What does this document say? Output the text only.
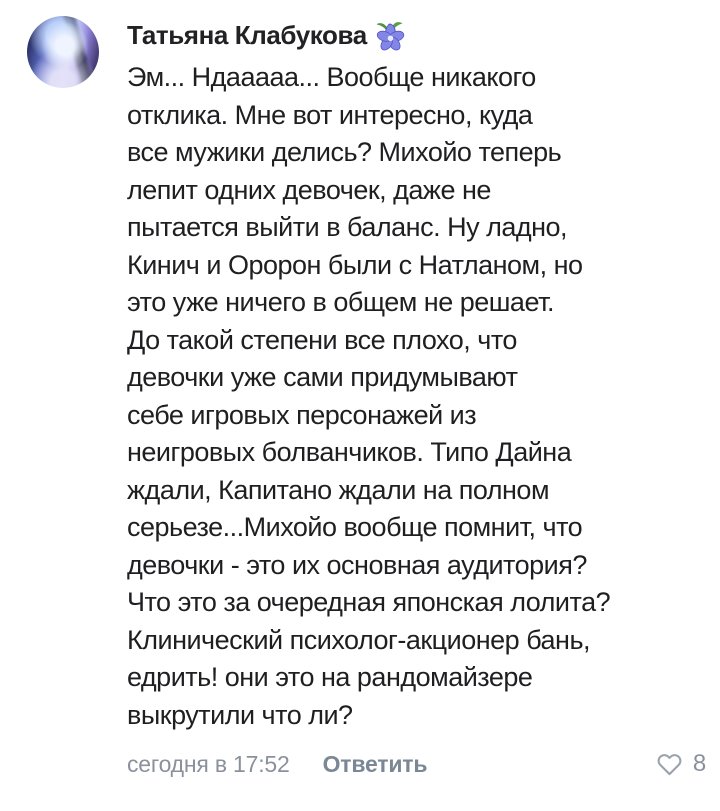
Татьяна Клабукова
Эм... Ндааааа... Вообще никакого
отклика. Мне вот интересно, куда
все мужики делись? Михойо теперь
лепит одних девочек, даже не
пытается выйти в баланс. Ну ладно,
Кинич и Оророн были с Натланом, но
это уже ничего в общем не решает.
До такой степени все плохо, что
девочки уже сами придумывают
себе игровых персонажей из
неигровых болванчиков. Типо Дайна
ждали, Капитано ждали на полном
серьезе...Михойо вообще помнит, что
девочки - это их основная аудитория?
Что это за очередная японская лолита?
Клинический психолог-акционер бань,
едрить! они это на рандомайзере
выкрутили что ли?
сегодня в 17:52 Ответить	8
